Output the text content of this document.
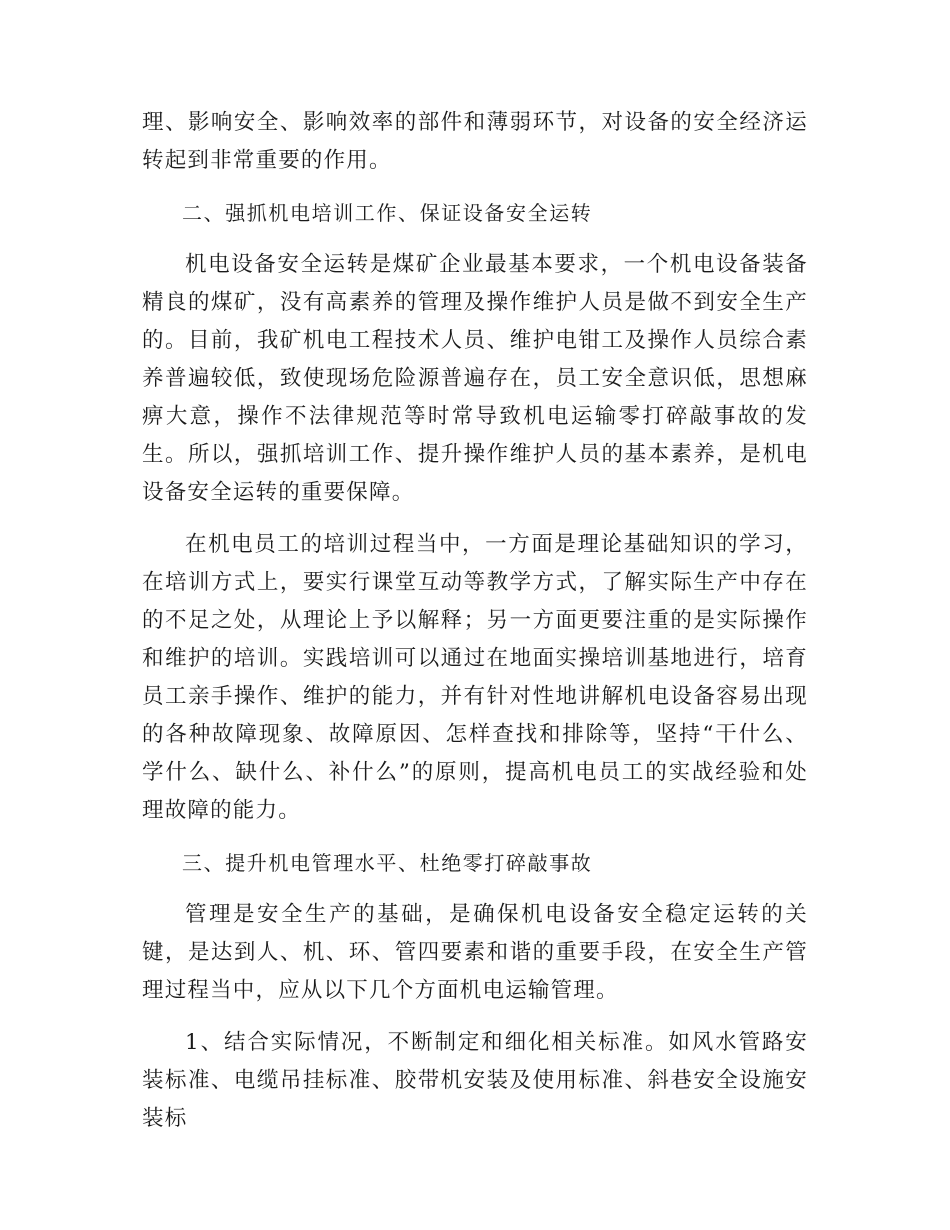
理、影响安全、影响效率的部件和薄弱环节，对设备的安全经济运转起到非常重要的作用。

二、强抓机电培训工作、保证设备安全运转

机电设备安全运转是煤矿企业最基本要求，一个机电设备装备精良的煤矿，没有高素养的管理及操作维护人员是做不到安全生产的。目前，我矿机电工程技术人员、维护电钳工及操作人员综合素养普遍较低，致使现场危险源普遍存在，员工安全意识低，思想麻痹大意，操作不法律规范等时常导致机电运输零打碎敲事故的发生。所以，强抓培训工作、提升操作维护人员的基本素养，是机电设备安全运转的重要保障。

在机电员工的培训过程当中，一方面是理论基础知识的学习，在培训方式上，要实行课堂互动等教学方式，了解实际生产中存在的不足之处，从理论上予以解释；另一方面更要注重的是实际操作和维护的培训。实践培训可以通过在地面实操培训基地进行，培育员工亲手操作、维护的能力，并有针对性地讲解机电设备容易出现的各种故障现象、故障原因、怎样查找和排除等，坚持“干什么、学什么、缺什么、补什么”的原则，提高机电员工的实战经验和处理故障的能力。

三、提升机电管理水平、杜绝零打碎敲事故

管理是安全生产的基础，是确保机电设备安全稳定运转的关键，是达到人、机、环、管四要素和谐的重要手段，在安全生产管理过程当中，应从以下几个方面机电运输管理。

1、结合实际情况，不断制定和细化相关标准。如风水管路安装标准、电缆吊挂标准、胶带机安装及使用标准、斜巷安全设施安装标
